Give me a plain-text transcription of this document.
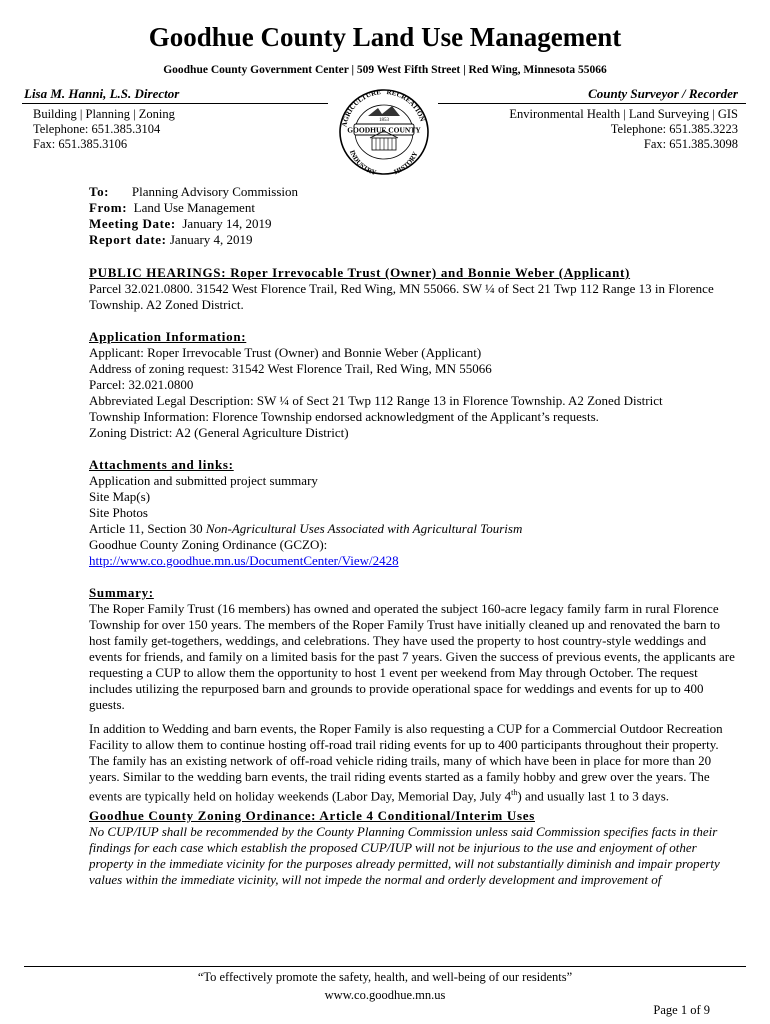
Goodhue County Land Use Management
Goodhue County Government Center | 509 West Fifth Street | Red Wing, Minnesota 55066
Lisa M. Hanni, L.S. Director	County Surveyor / Recorder
Building | Planning | Zoning
Telephone: 651.385.3104
Fax: 651.385.3106
Environmental Health | Land Surveying | GIS
Telephone: 651.385.3223
Fax: 651.385.3098
AGRICULTURE RECREATION
INDUSTRY HISTORY
GOODHUE COUNTY
1853
To: Planning Advisory Commission
From: Land Use Management
Meeting Date: January 14, 2019
Report date: January 4, 2019

PUBLIC HEARINGS: Roper Irrevocable Trust (Owner) and Bonnie Weber (Applicant)

Parcel 32.021.0800. 31542 West Florence Trail, Red Wing, MN 55066. SW ¼ of Sect 21 Twp 112 Range 13 in Florence Township. A2 Zoned District.

Application Information:

Applicant: Roper Irrevocable Trust (Owner) and Bonnie Weber (Applicant)

Address of zoning request: 31542 West Florence Trail, Red Wing, MN 55066

Parcel: 32.021.0800

Abbreviated Legal Description: SW ¼ of Sect 21 Twp 112 Range 13 in Florence Township. A2 Zoned District

Township Information: Florence Township endorsed acknowledgment of the Applicant’s requests.

Zoning District: A2 (General Agriculture District)

Attachments and links:

Application and submitted project summary

Site Map(s)

Site Photos

Article 11, Section 30 Non-Agricultural Uses Associated with Agricultural Tourism

Goodhue County Zoning Ordinance (GCZO):

http://www.co.goodhue.mn.us/DocumentCenter/View/2428

Summary:

The Roper Family Trust (16 members) has owned and operated the subject 160-acre legacy family farm in rural Florence Township for over 150 years. The members of the Roper Family Trust have initially cleaned up and renovated the barn to host family get-togethers, weddings, and celebrations. They have used the property to host country-style weddings and events for friends, and family on a limited basis for the past 7 years. Given the success of previous events, the applicants are requesting a CUP to allow them the opportunity to host 1 event per weekend from May through October. The request includes utilizing the repurposed barn and grounds to provide operational space for weddings and events for up to 400 guests.

In addition to Wedding and barn events, the Roper Family is also requesting a CUP for a Commercial Outdoor Recreation Facility to allow them to continue hosting off-road trail riding events for up to 400 participants throughout their property. The family has an existing network of off-road vehicle riding trails, many of which have been in place for more than 20 years. Similar to the wedding barn events, the trail riding events started as a family hobby and grew over the years. The events are typically held on holiday weekends (Labor Day, Memorial Day, July 4th) and usually last 1 to 3 days.

Goodhue County Zoning Ordinance: Article 4 Conditional/Interim Uses

No CUP/IUP shall be recommended by the County Planning Commission unless said Commission specifies facts in their findings for each case which establish the proposed CUP/IUP will not be injurious to the use and enjoyment of other property in the immediate vicinity for the purposes already permitted, will not substantially diminish and impair property values within the immediate vicinity, will not impede the normal and orderly development and improvement of

“To effectively promote the safety, health, and well-being of our residents”
www.co.goodhue.mn.us
Page 1 of 9
